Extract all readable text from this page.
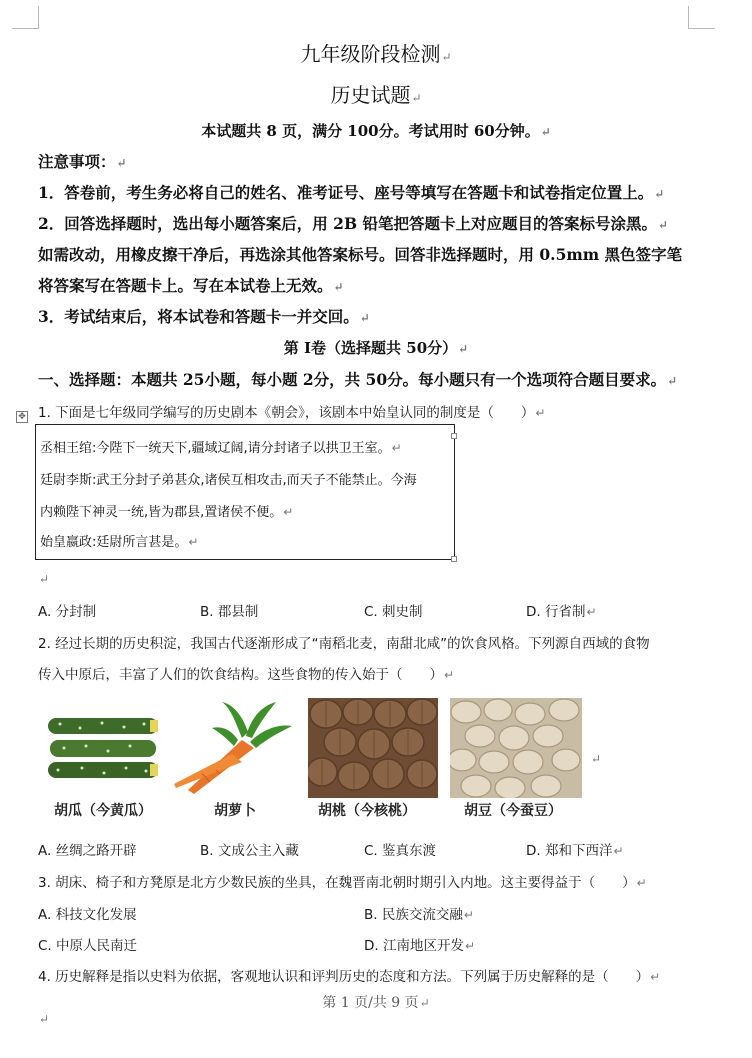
九年级阶段检测↵
历史试题↵
本试题共 8 页，满分 100分。考试用时 60分钟。↵
注意事项：↵
1．答卷前，考生务必将自己的姓名、准考证号、座号等填写在答题卡和试卷指定位置上。↵
2．回答选择题时，选出每小题答案后，用 2B 铅笔把答题卡上对应题目的答案标号涂黑。↵
如需改动，用橡皮擦干净后，再选涂其他答案标号。回答非选择题时，用 0.5mm 黑色签字笔
将答案写在答题卡上。写在本试卷上无效。↵
3．考试结束后，将本试卷和答题卡一并交回。↵
第 I卷（选择题共 50分）↵
一、选择题：本题共 25小题，每小题 2分，共 50分。每小题只有一个选项符合题目要求。↵
✥ 1. 下面是七年级同学编写的历史剧本《朝会》，该剧本中始皇认同的制度是（　　）↵
丞相王绾:今陛下一统天下,疆域辽阔,请分封诸子以拱卫王室。↵
廷尉李斯:武王分封子弟甚众,诸侯互相攻击,而天子不能禁止。今海
内赖陛下神灵一统,皆为郡县,置诸侯不便。↵
始皇嬴政:廷尉所言甚是。↵
↵
A. 分封制	B. 郡县制	C. 刺史制	D. 行省制↵
2. 经过长期的历史积淀，我国古代逐渐形成了“南稻北麦，南甜北咸”的饮食风格。下列源自西域的食物
传入中原后，丰富了人们的饮食结构。这些食物的传入始于（　　）↵
↵
胡瓜（今黄瓜）	胡萝卜	胡桃（今核桃）	胡豆（今蚕豆）
A. 丝绸之路开辟	B. 文成公主入藏	C. 鉴真东渡	D. 郑和下西洋↵
3. 胡床、椅子和方凳原是北方少数民族的坐具，在魏晋南北朝时期引入内地。这主要得益于（　　）↵
A. 科技文化发展	B. 民族交流交融↵
C. 中原人民南迁	D. 江南地区开发↵
4. 历史解释是指以史料为依据，客观地认识和评判历史的态度和方法。下列属于历史解释的是（　　）↵
第 1 页/共 9 页↵
↵
